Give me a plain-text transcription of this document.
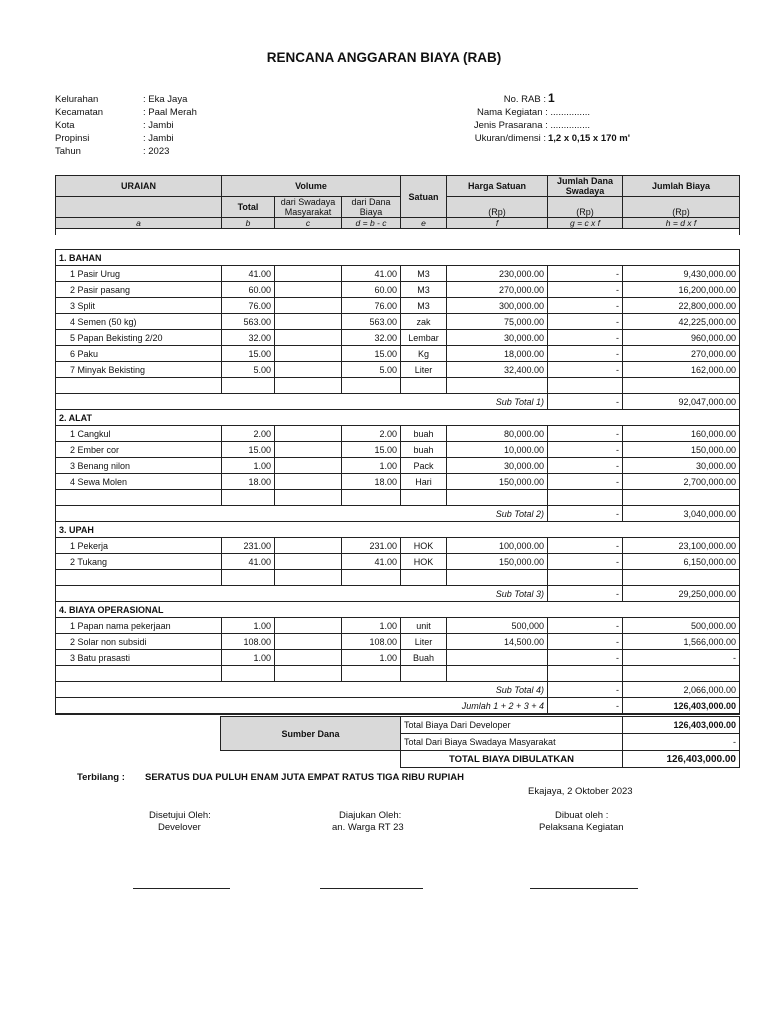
RENCANA ANGGARAN BIAYA (RAB)
Kelurahan	: Eka Jaya
Kecamatan	: Paal Merah
Kota	: Jambi
Propinsi	: Jambi
Tahun	: 2023
No. RAB : 1
Nama Kegiatan : ...............
Jenis Prasarana : ...............
Ukuran/dimensi : 1,2 x 0,15 x 170 m'
URAIAN	Volume			Satuan	Harga Satuan	Jumlah Dana Swadaya	Jumlah Biaya
	Total	dari Swadaya Masyarakat	dari Dana Biaya		(Rp)	(Rp)	(Rp)

a	b	c	d = b - c	e	f	g = c x f	h = d x f

1. BAHAN							
1 Pasir Urug	41.00		41.00	M3	230,000.00	-	9,430,000.00
2 Pasir pasang	60.00		60.00	M3	270,000.00	-	16,200,000.00
3 Split	76.00		76.00	M3	300,000.00	-	22,800,000.00
4 Semen (50 kg)	563.00		563.00	zak	75,000.00	-	42,225,000.00
5 Papan Bekisting 2/20	32.00		32.00	Lembar	30,000.00	-	960,000.00
6 Paku	15.00		15.00	Kg	18,000.00	-	270,000.00
7 Minyak Bekisting	5.00		5.00	Liter	32,400.00	-	162,000.00

Sub Total 1)						-	92,047,000.00
2. ALAT							
1 Cangkul	2.00		2.00	buah	80,000.00	-	160,000.00
2 Ember cor	15.00		15.00	buah	10,000.00	-	150,000.00
3 Benang nilon	1.00		1.00	Pack	30,000.00	-	30,000.00
4 Sewa Molen	18.00		18.00	Hari	150,000.00	-	2,700,000.00

Sub Total 2)						-	3,040,000.00
3. UPAH							
1 Pekerja	231.00		231.00	HOK	100,000.00	-	23,100,000.00
2 Tukang	41.00		41.00	HOK	150,000.00	-	6,150,000.00

Sub Total 3)						-	29,250,000.00
4. BIAYA OPERASIONAL							
1 Papan nama pekerjaan	1.00		1.00	unit	500,000	-	500,000.00
2 Solar non subsidi	108.00		108.00	Liter	14,500.00	-	1,566,000.00
3 Batu prasasti	1.00		1.00	Buah		-	-

Sub Total 4)						-	2,066,000.00
Jumlah 1 + 2 + 3 + 4						-	126,403,000.00
Sumber Dana	Total Biaya Dari Developer	126,403,000.00
	Total Dari Biaya Swadaya Masyarakat	-
	TOTAL BIAYA DIBULATKAN	126,403,000.00
Terbilang : SERATUS DUA PULUH ENAM JUTA EMPAT RATUS TIGA RIBU RUPIAH
Ekajaya, 2 Oktober 2023
Disetujui Oleh:
Develover
Diajukan Oleh:
an. Warga RT 23
Dibuat oleh :
Pelaksana Kegiatan
